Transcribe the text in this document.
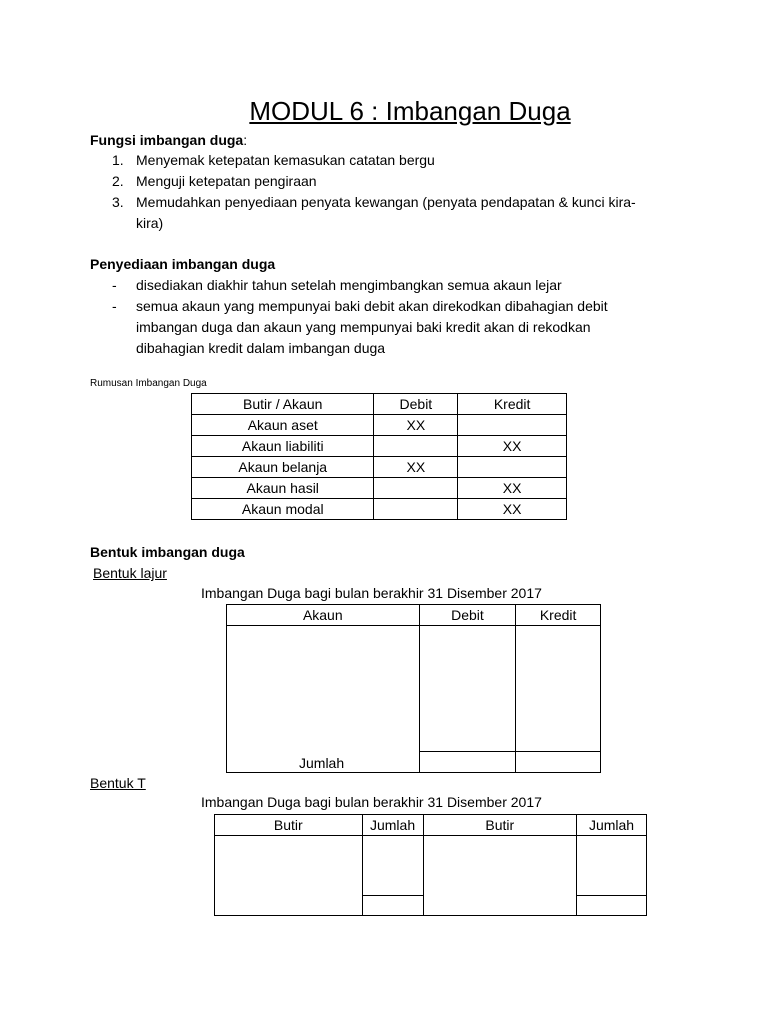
MODUL 6 : Imbangan Duga
Fungsi imbangan duga:
1. Menyemak ketepatan kemasukan catatan bergu
2. Menguji ketepatan pengiraan
3. Memudahkan penyediaan penyata kewangan (penyata pendapatan & kunci kira-kira)
Penyediaan imbangan duga
- disediakan diakhir tahun setelah mengimbangkan semua akaun lejar
- semua akaun yang mempunyai baki debit akan direkodkan dibahagian debit imbangan duga dan akaun yang mempunyai baki kredit akan di rekodkan dibahagian kredit dalam imbangan duga
Rumusan Imbangan Duga
Butir / Akaun	Debit	Kredit
Akaun aset	XX	
Akaun liabiliti		XX
Akaun belanja	XX	
Akaun hasil		XX
Akaun modal		XX
Bentuk imbangan duga
Bentuk lajur
Imbangan Duga bagi bulan berakhir 31 Disember 2017
Akaun	Debit	Kredit
Jumlah		

Bentuk T
Imbangan Duga bagi bulan berakhir 31 Disember 2017
Butir	Jumlah	Butir	Jumlah
